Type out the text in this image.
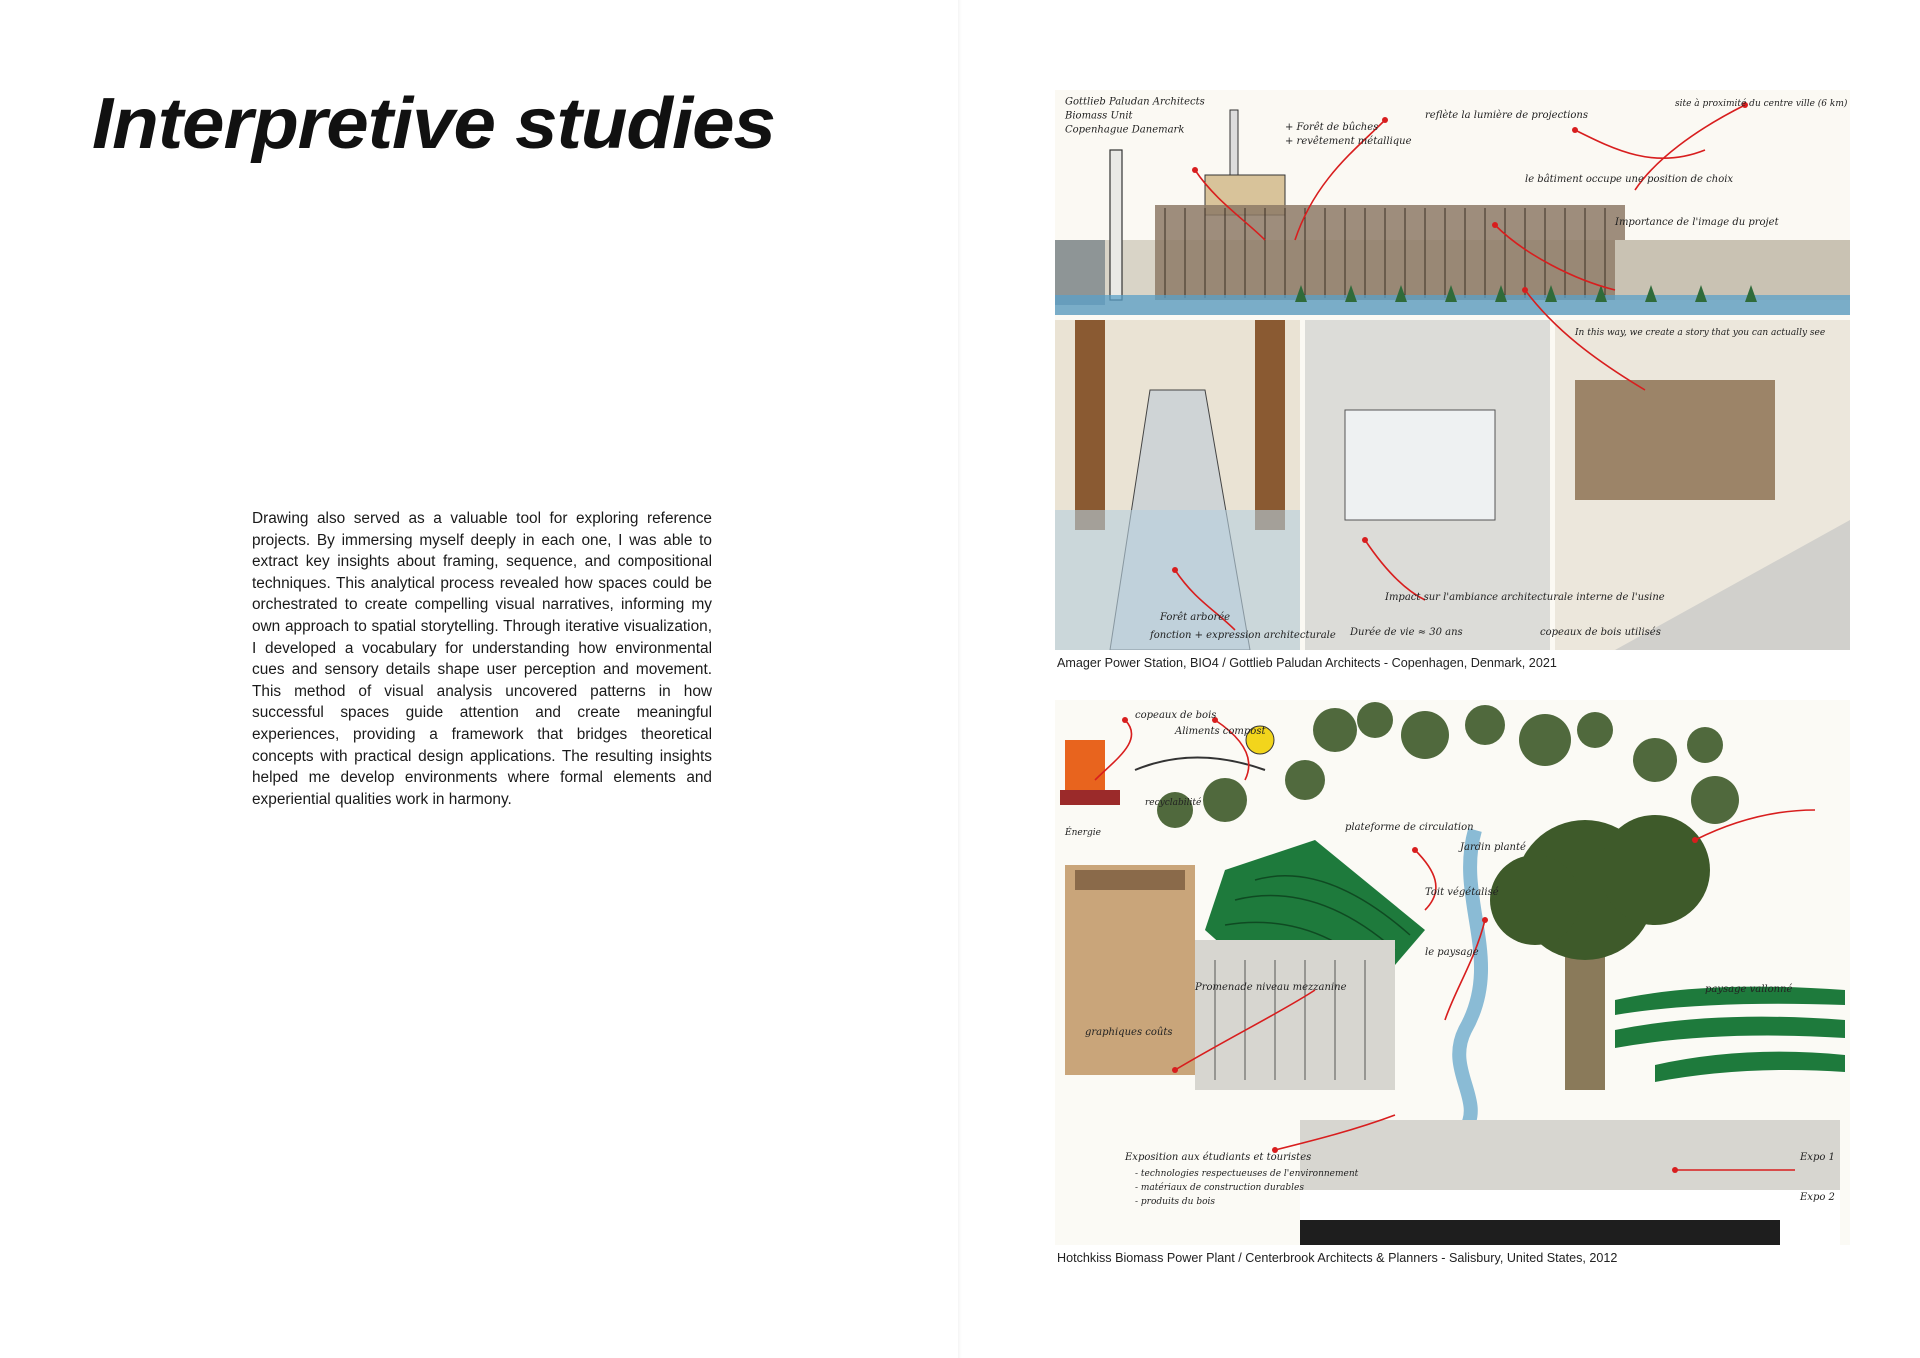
Interpretive studies

Drawing also served as a valuable tool for exploring reference projects. By immersing myself deeply in each one, I was able to extract key insights about framing, sequence, and compositional techniques. This analytical process revealed how spaces could be orchestrated to create compelling visual narratives, informing my own approach to spatial storytelling. Through iterative visualization, I developed a vocabulary for understanding how environmental cues and sensory details shape user perception and movement. This method of visual analysis uncovered patterns in how successful spaces guide attention and create meaningful experiences, providing a framework that bridges theoretical concepts with practical design applications. The resulting insights helped me develop environments where formal elements and experiential qualities work in harmony.

Gottlieb Paludan Architects
Biomass Unit
Copenhague Danemark	+ Forêt de bûches
+ revêtement métallique
reflète la lumière de projections
site à proximité du centre ville (6 km)
Importance de l'image du projet
le bâtiment occupe une position de choix
In this way, we create a story that you can actually see
Impact sur l'ambiance architecturale interne de l'usine
Durée de vie ≈ 30 ans	copeaux de bois utilisés
Forêt arborée
fonction + expression architecturale

Amager Power Station, BIO4 / Gottlieb Paludan Architects - Copenhagen, Denmark, 2021

copeaux de bois
Aliments compost
recyclabilité
Énergie	plateforme de circulation
Jardin planté
Toit végétalisé
le paysage
Promenade niveau mezzanine
graphiques coûts
Exposition aux étudiants et touristes
- technologies respectueuses de l'environnement
- matériaux de construction durables
- produits du bois
Expo 1
Expo 2
paysage vallonné

Hotchkiss Biomass Power Plant / Centerbrook Architects & Planners - Salisbury, United States, 2012
